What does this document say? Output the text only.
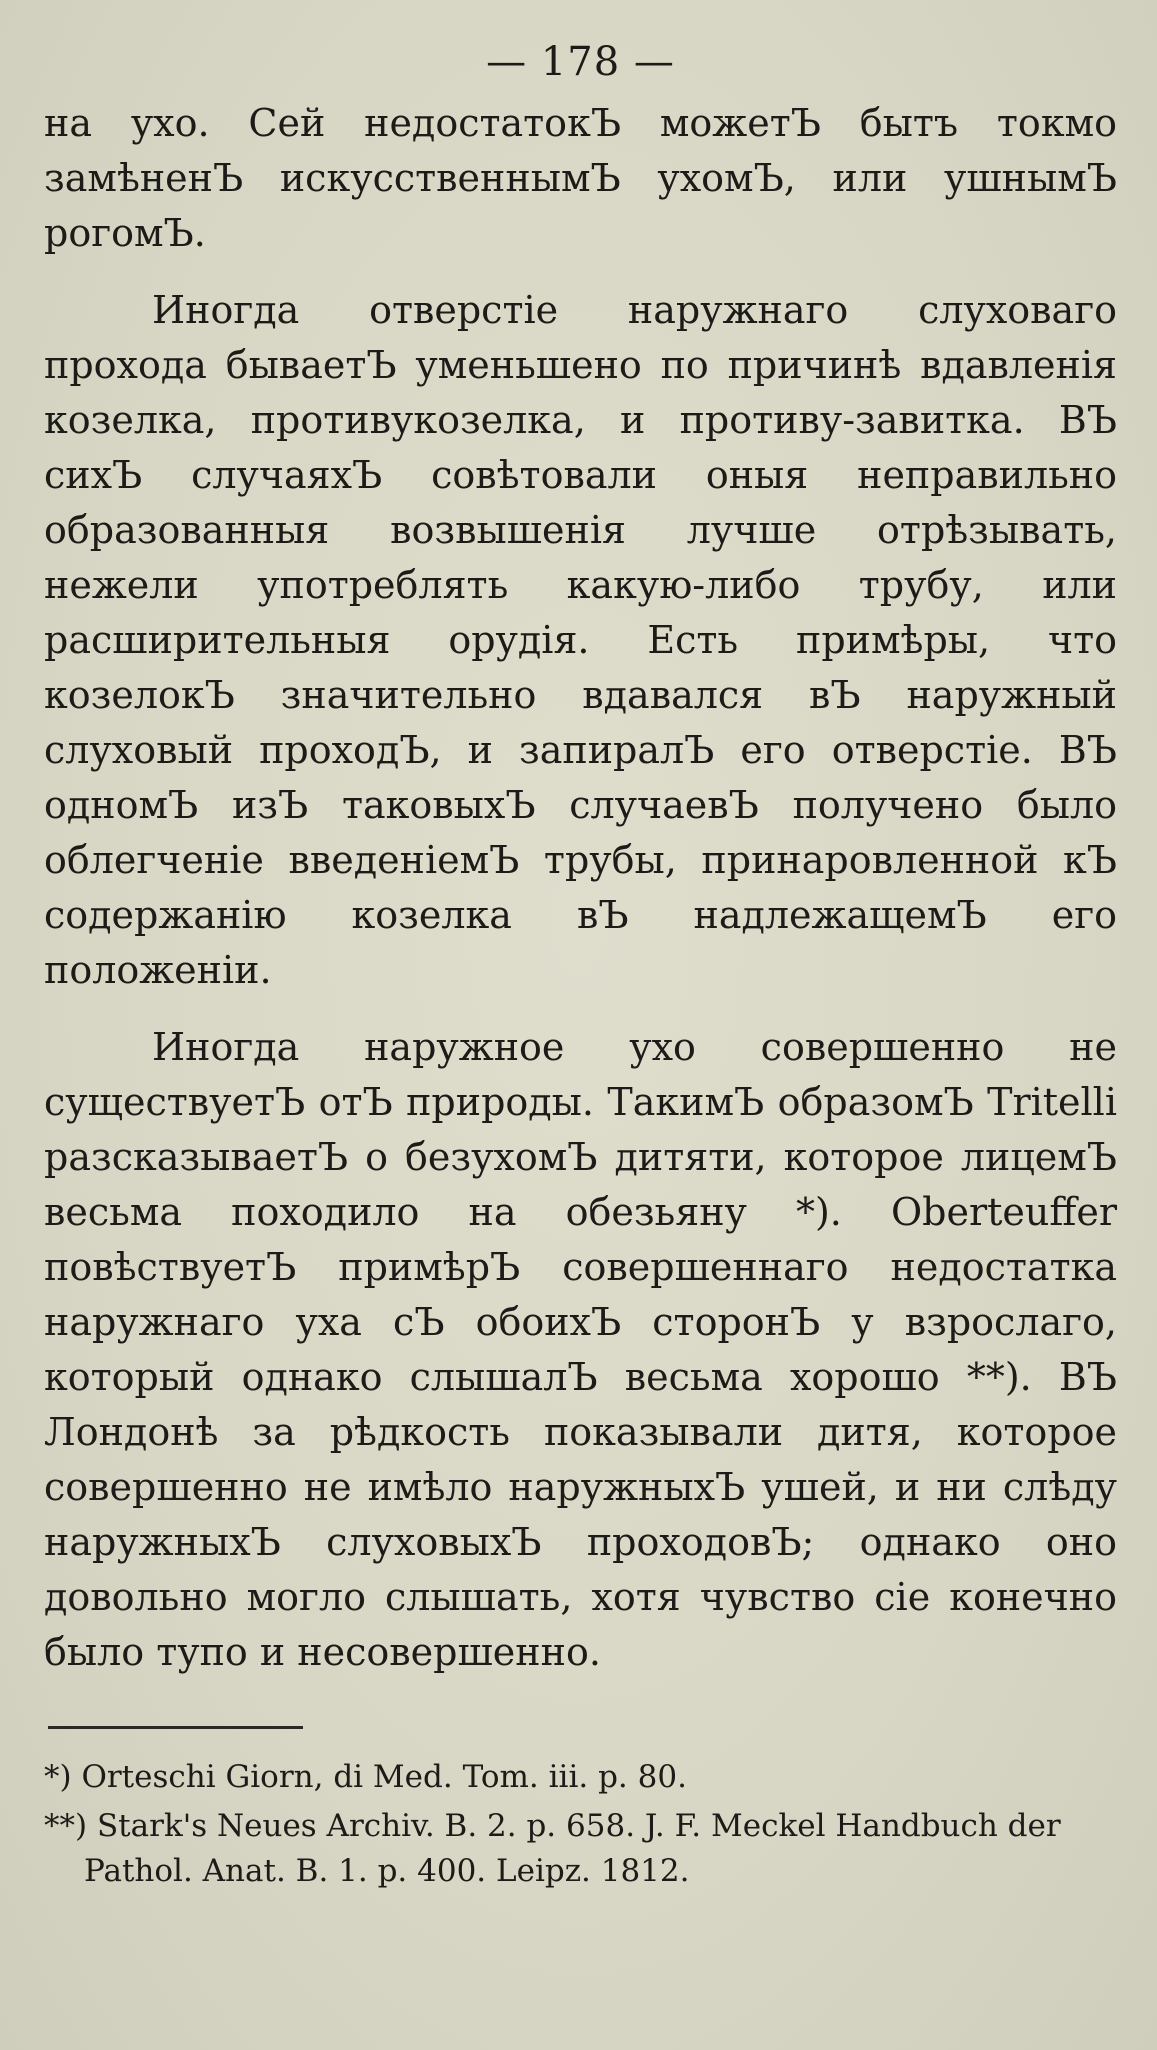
— 178 —

на ухо. Сей недостатокЪ можетЪ бытъ токмо замѣненЪ искусственнымЪ ухомЪ, или ушнымЪ рогомЪ.

Иногда отверстіе наружнаго слуховаго прохода бываетЪ уменьшено по причинѣ вдавленія козелка, противукозелка, и противу-завитка. ВЪ сихЪ случаяхЪ совѣтовали оныя неправильно образованныя возвышенія лучше отрѣзывать, нежели употреблять какую-либо трубу, или расширительныя орудія. Есть примѣры, что козелокЪ значительно вдавался вЪ наружный слуховый проходЪ, и запиралЪ его отверстіе. ВЪ одномЪ изЪ таковыхЪ случаевЪ получено было облегченіе введеніемЪ трубы, принаровленной кЪ содержанію козелка вЪ надлежащемЪ его положеніи.

Иногда наружное ухо совершенно не существуетЪ отЪ природы. ТакимЪ образомЪ Tritelli разсказываетЪ о безухомЪ дитяти, которое лицемЪ весьма походило на обезьяну *). Oberteuffer повѣствуетЪ примѣрЪ совершеннаго недостатка наружнаго уха сЪ обоихЪ сторонЪ у взрослаго, который однако слышалЪ весьма хорошо **). ВЪ Лондонѣ за рѣдкость показывали дитя, которое совершенно не имѣло наружныхЪ ушей, и ни слѣду наружныхЪ слуховыхЪ проходовЪ; однако оно довольно могло слышать, хотя чувство сіе конечно было тупо и несовершенно.

*) Orteschi Giorn, di Med. Tom. iii. p. 80.

**) Stark's Neues Archiv. B. 2. p. 658. J. F. Meckel Handbuch der Pathol. Anat. B. 1. p. 400. Leipz. 1812.
